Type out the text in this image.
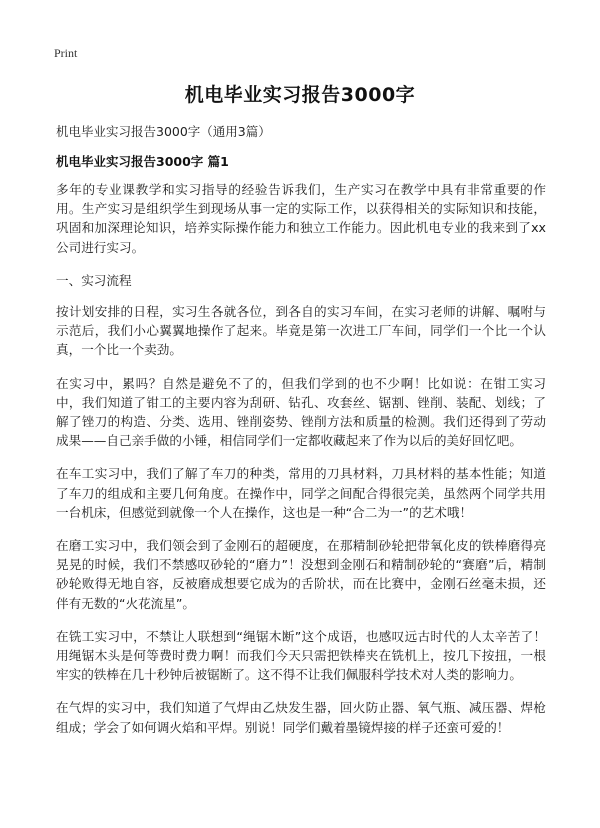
Print
机电毕业实习报告3000字
机电毕业实习报告3000字（通用3篇）
机电毕业实习报告3000字 篇1

多年的专业课教学和实习指导的经验告诉我们，生产实习在教学中具有非常重要的作用。生产实习是组织学生到现场从事一定的实际工作，以获得相关的实际知识和技能，巩固和加深理论知识，培养实际操作能力和独立工作能力。因此机电专业的我来到了xx公司进行实习。

一、实习流程

按计划安排的日程，实习生各就各位，到各自的实习车间，在实习老师的讲解、嘱咐与示范后，我们小心翼翼地操作了起来。毕竟是第一次进工厂车间，同学们一个比一个认真，一个比一个卖劲。

在实习中，累吗？自然是避免不了的，但我们学到的也不少啊！比如说：在钳工实习中，我们知道了钳工的主要内容为刮研、钻孔、攻套丝、锯割、锉削、装配、划线；了解了锉刀的构造、分类、选用、锉削姿势、锉削方法和质量的检测。我们还得到了劳动成果——自己亲手做的小锤，相信同学们一定都收藏起来了作为以后的美好回忆吧。

在车工实习中，我们了解了车刀的种类，常用的刀具材料，刀具材料的基本性能；知道了车刀的组成和主要几何角度。在操作中，同学之间配合得很完美，虽然两个同学共用一台机床，但感觉到就像一个人在操作，这也是一种“合二为一”的艺术哦！

在磨工实习中，我们领会到了金刚石的超硬度，在那精制砂轮把带氧化皮的铁棒磨得亮晃晃的时候，我们不禁感叹砂轮的“磨力”！没想到金刚石和精制砂轮的“赛磨”后，精制砂轮败得无地自容，反被磨成想要它成为的舌阶状，而在比赛中，金刚石丝毫未损，还伴有无数的“火花流星”。

在铣工实习中，不禁让人联想到“绳锯木断”这个成语，也感叹远古时代的人太辛苦了！用绳锯木头是何等费时费力啊！而我们今天只需把铁棒夹在铣机上，按几下按扭，一根牢实的铁棒在几十秒钟后被锯断了。这不得不让我们佩服科学技术对人类的影响力。

在气焊的实习中，我们知道了气焊由乙炔发生器，回火防止器、氧气瓶、减压器、焊枪组成；学会了如何调火焰和平焊。别说！同学们戴着墨镜焊接的样子还蛮可爱的！
